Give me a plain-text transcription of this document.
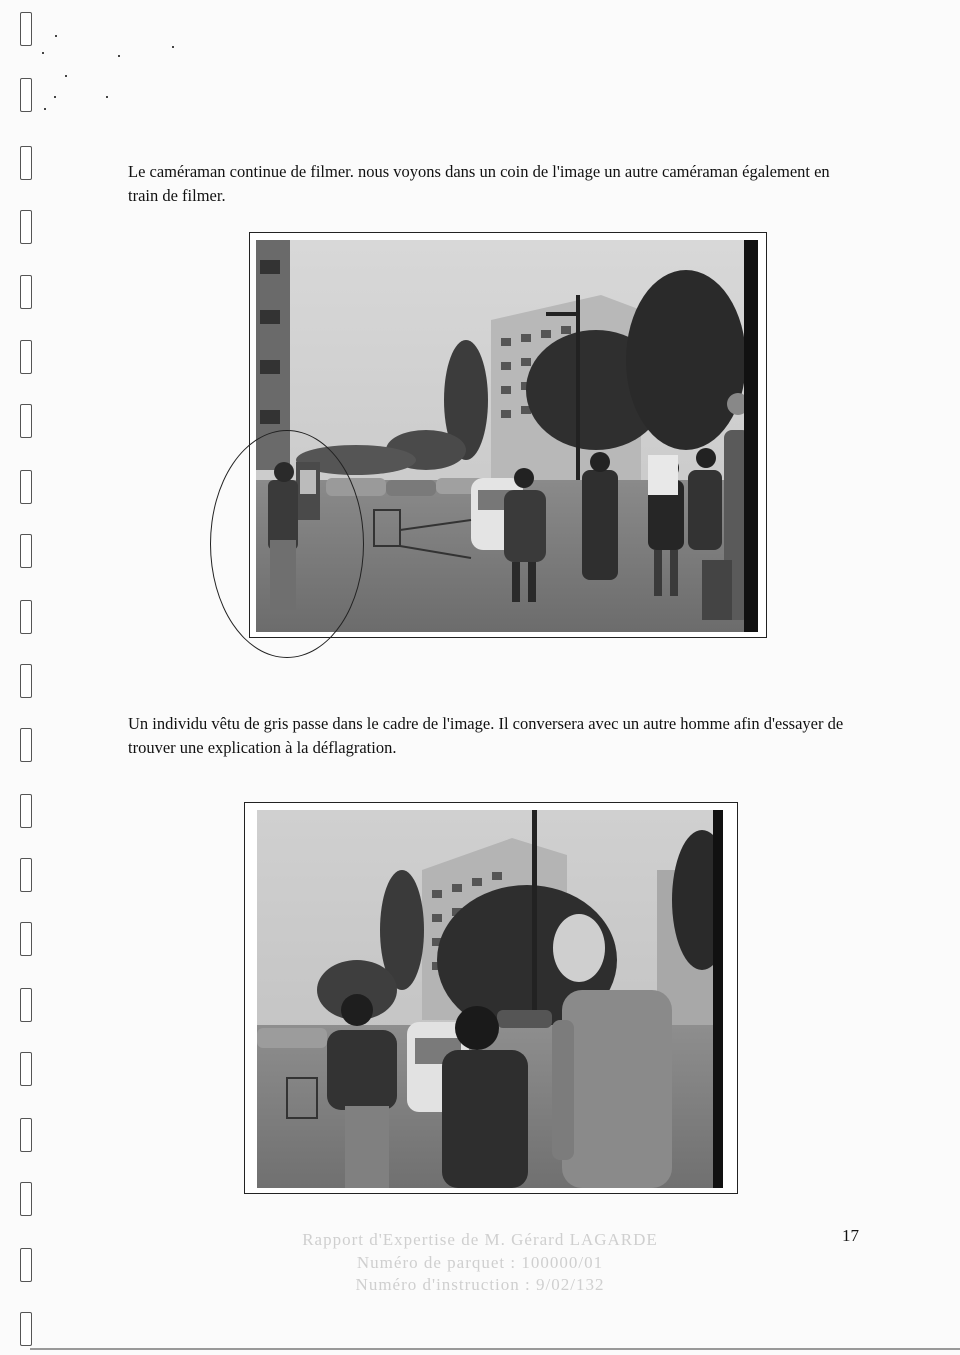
Le caméraman continue de filmer. nous voyons dans un coin de l'image un autre caméraman également en train de filmer.

Un individu vêtu de gris passe dans le cadre de l'image. Il conversera avec un autre homme afin d'essayer de trouver une explication à la déflagration.

Rapport d'Expertise de M. Gérard LAGARDE
Numéro de parquet : 100000/01
Numéro d'instruction : 9/02/132
17
